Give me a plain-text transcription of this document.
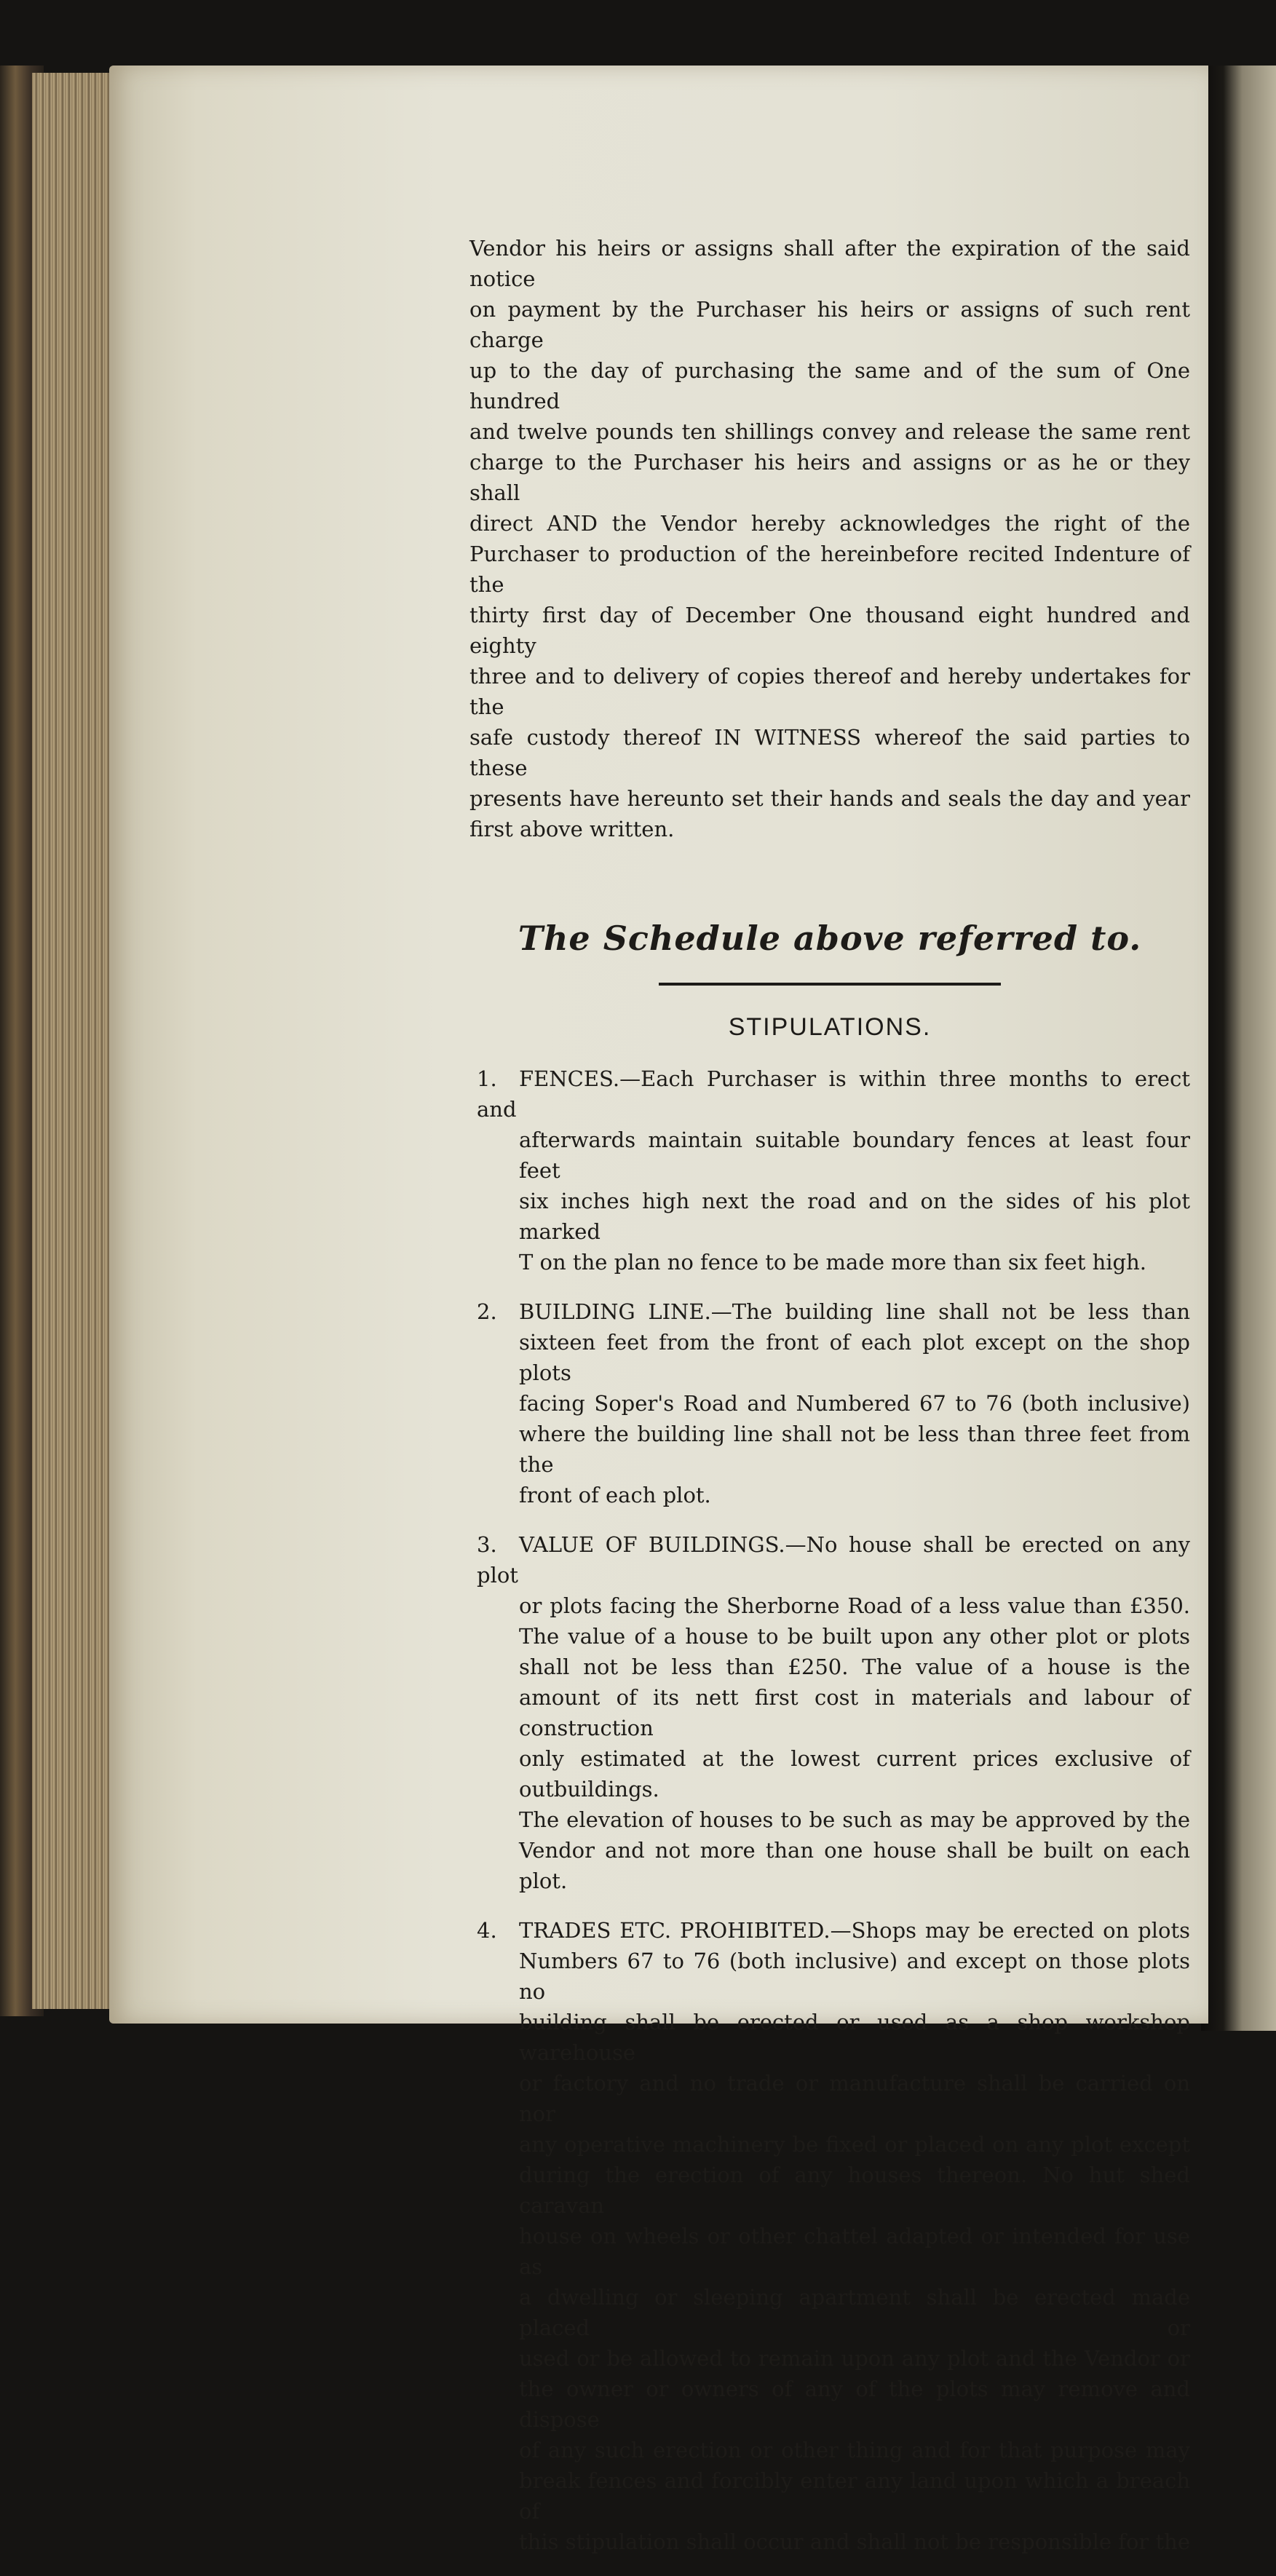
Vendor his heirs or assigns shall after the expiration of the said notice

on payment by the Purchaser his heirs or assigns of such rent charge

up to the day of purchasing the same and of the sum of One hundred

and twelve pounds ten shillings convey and release the same rent

charge to the Purchaser his heirs and assigns or as he or they shall

direct AND the Vendor hereby acknowledges the right of the

Purchaser to production of the hereinbefore recited Indenture of the

thirty first day of December One thousand eight hundred and eighty

three and to delivery of copies thereof and hereby undertakes for the

safe custody thereof IN WITNESS whereof the said parties to these

presents have hereunto set their hands and seals the day and year

first above written.

The Schedule above referred to.
STIPULATIONS.

1. FENCES.—Each Purchaser is within three months to erect and

afterwards maintain suitable boundary fences at least four feet

six inches high next the road and on the sides of his plot marked

T on the plan no fence to be made more than six feet high.

2. BUILDING LINE.—The building line shall not be less than

sixteen feet from the front of each plot except on the shop plots

facing Soper's Road and Numbered 67 to 76 (both inclusive)

where the building line shall not be less than three feet from the

front of each plot.

3. VALUE OF BUILDINGS.—No house shall be erected on any plot

or plots facing the Sherborne Road of a less value than £350.

The value of a house to be built upon any other plot or plots

shall not be less than £250. The value of a house is the

amount of its nett first cost in materials and labour of construction

only estimated at the lowest current prices exclusive of outbuildings.

The elevation of houses to be such as may be approved by the

Vendor and not more than one house shall be built on each plot.

4. TRADES ETC. PROHIBITED.—Shops may be erected on plots

Numbers 67 to 76 (both inclusive) and except on those plots no

building shall be erected or used as a shop workshop warehouse

or factory and no trade or manufacture shall be carried on nor

any operative machinery be fixed or placed on any plot except

during the erection of any houses thereon. No hut shed caravan

house on wheels or other chattel adapted or intended for use as

a dwelling or sleeping apartment shall be erected made placed or

used or be allowed to remain upon any plot and the Vendor or

the owner or owners of any of the plots may remove and dispose

of any such erection or other thing and for that purpose may

break fences and forcibly enter any land upon which a breach of

this stipulation shall occur and shall not be responsible for the
